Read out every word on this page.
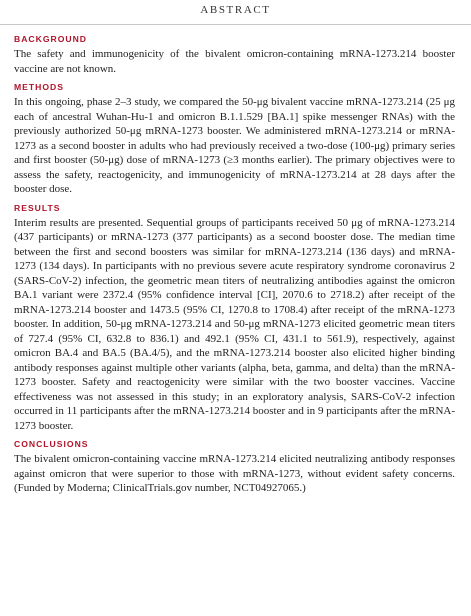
ABSTRACT
BACKGROUND

The safety and immunogenicity of the bivalent omicron-containing mRNA-1273.214 booster vaccine are not known.

METHODS

In this ongoing, phase 2–3 study, we compared the 50-μg bivalent vaccine mRNA-1273.214 (25 μg each of ancestral Wuhan-Hu-1 and omicron B.1.1.529 [BA.1] spike messenger RNAs) with the previously authorized 50-μg mRNA-1273 booster. We administered mRNA-1273.214 or mRNA-1273 as a second booster in adults who had previously received a two-dose (100-μg) primary series and first booster (50-μg) dose of mRNA-1273 (≥3 months earlier). The primary objectives were to assess the safety, reactogenicity, and immunogenicity of mRNA-1273.214 at 28 days after the booster dose.

RESULTS

Interim results are presented. Sequential groups of participants received 50 μg of mRNA-1273.214 (437 participants) or mRNA-1273 (377 participants) as a second booster dose. The median time between the first and second boosters was similar for mRNA-1273.214 (136 days) and mRNA-1273 (134 days). In participants with no previous severe acute respiratory syndrome coronavirus 2 (SARS-CoV-2) infection, the geometric mean titers of neutralizing antibodies against the omicron BA.1 variant were 2372.4 (95% confidence interval [CI], 2070.6 to 2718.2) after receipt of the mRNA-1273.214 booster and 1473.5 (95% CI, 1270.8 to 1708.4) after receipt of the mRNA-1273 booster. In addition, 50-μg mRNA-1273.214 and 50-μg mRNA-1273 elicited geometric mean titers of 727.4 (95% CI, 632.8 to 836.1) and 492.1 (95% CI, 431.1 to 561.9), respectively, against omicron BA.4 and BA.5 (BA.4/5), and the mRNA-1273.214 booster also elicited higher binding antibody responses against multiple other variants (alpha, beta, gamma, and delta) than the mRNA-1273 booster. Safety and reactogenicity were similar with the two booster vaccines. Vaccine effectiveness was not assessed in this study; in an exploratory analysis, SARS-CoV-2 infection occurred in 11 participants after the mRNA-1273.214 booster and in 9 participants after the mRNA-1273 booster.

CONCLUSIONS

The bivalent omicron-containing vaccine mRNA-1273.214 elicited neutralizing antibody responses against omicron that were superior to those with mRNA-1273, without evident safety concerns. (Funded by Moderna; ClinicalTrials.gov number, NCT04927065.)
